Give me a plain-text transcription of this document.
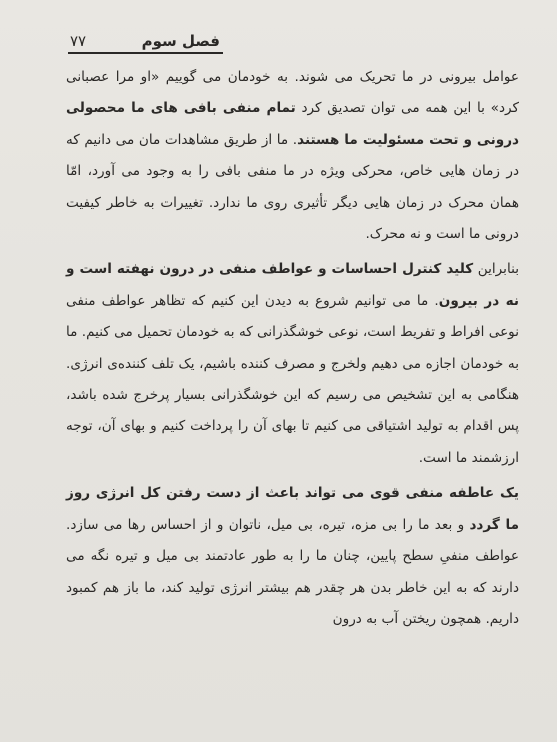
فصل سوم
۷۷

عوامل بیرونی در ما تحریک می شوند. به خودمان می گوییم «او مرا عصبانی کرد» با این همه می توان تصدیق کرد تمام منفی بافی های ما محصولی درونی و تحت مسئولیت ما هستند. ما از طریق مشاهدات مان می دانیم که در زمان هایی خاص، محرکی ویژه در ما منفی بافی را به وجود می آورد، امّا همان محرک در زمان هایی دیگر تأثیری روی ما ندارد. تغییرات به خاطر کیفیت درونی ما است و نه محرک.

بنابراین کلید کنترل احساسات و عواطف منفی در درون نهفته است و نه در بیرون. ما می توانیم شروع به دیدن این کنیم که تظاهر عواطف منفی نوعی افراط و تفریط است، نوعی خوشگذرانی که به خودمان تحمیل می کنیم. ما به خودمان اجازه می دهیم ولخرج و مصرف کننده باشیم، یک تلف کننده‌ی انرژی. هنگامی به این تشخیص می رسیم که این خوشگذرانی بسیار پرخرج شده باشد، پس اقدام به تولید اشتیاقی می کنیم تا بهای آن را پرداخت کنیم و بهای آن، توجه ارزشمند ما است.

یک عاطفه منفی قوی می تواند باعث از دست رفتن کل انرژی روز ما گردد و بعد ما را بی مزه، تیره، بی میل، ناتوان و از احساس رها می سازد. عواطف منفیِ سطح پایین، چنان ما را به طور عادتمند بی میل و تیره نگه می دارند که به این خاطر بدن هر چقدر هم بیشتر انرژی تولید کند، ما باز هم کمبود داریم. همچون ریختن آب به درون
